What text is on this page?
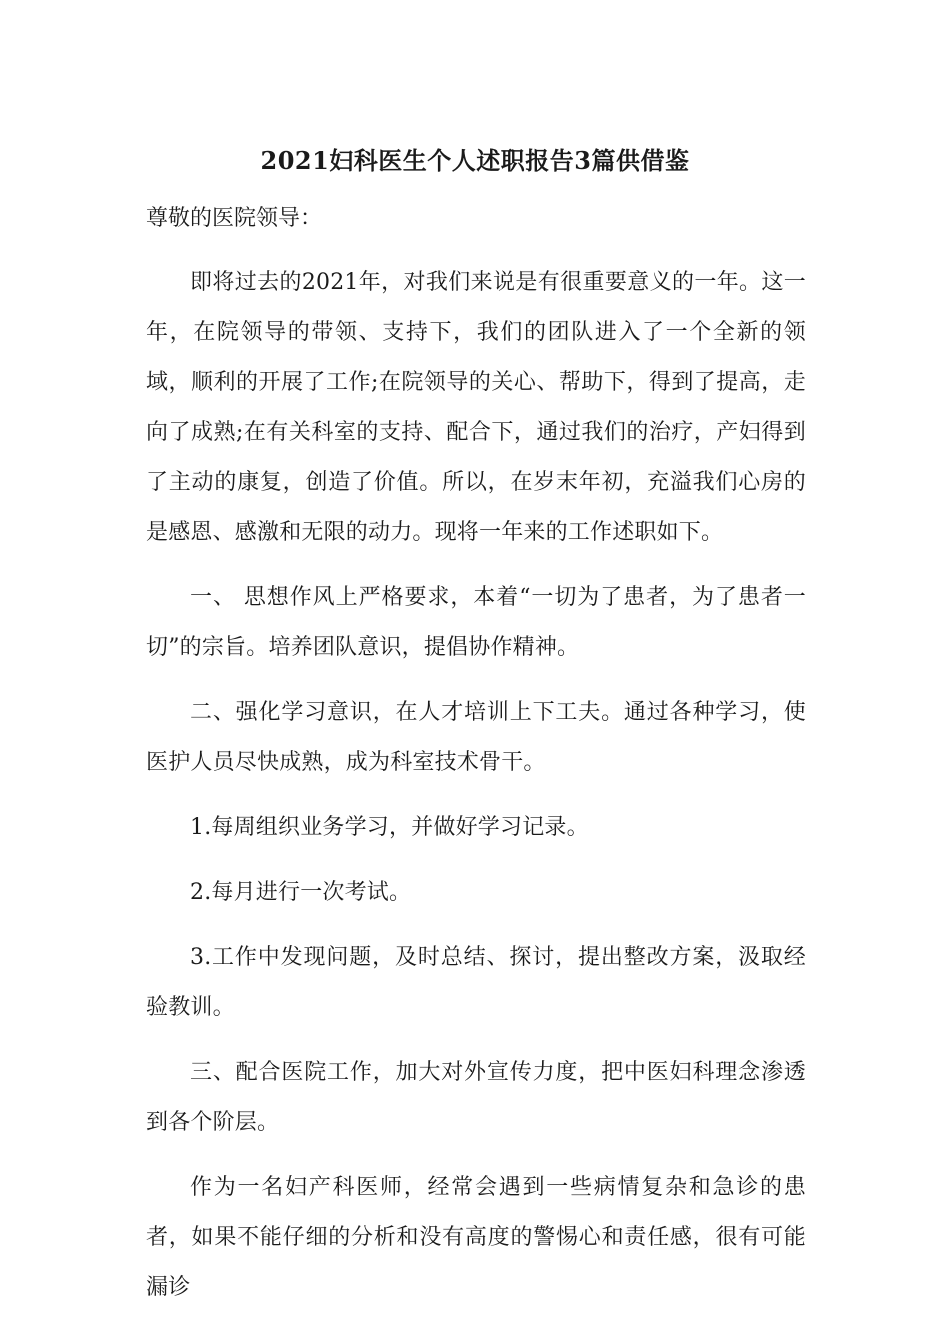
2021妇科医生个人述职报告3篇供借鉴

尊敬的医院领导：

即将过去的2021年，对我们来说是有很重要意义的一年。这一年，在院领导的带领、支持下，我们的团队进入了一个全新的领域，顺利的开展了工作;在院领导的关心、帮助下，得到了提高，走向了成熟;在有关科室的支持、配合下，通过我们的治疗，产妇得到了主动的康复，创造了价值。所以，在岁末年初，充溢我们心房的是感恩、感激和无限的动力。现将一年来的工作述职如下。

一、 思想作风上严格要求，本着“一切为了患者，为了患者一切”的宗旨。培养团队意识，提倡协作精神。

二、强化学习意识，在人才培训上下工夫。通过各种学习，使医护人员尽快成熟，成为科室技术骨干。

1.每周组织业务学习，并做好学习记录。

2.每月进行一次考试。

3.工作中发现问题，及时总结、探讨，提出整改方案，汲取经验教训。

三、配合医院工作，加大对外宣传力度，把中医妇科理念渗透到各个阶层。

作为一名妇产科医师，经常会遇到一些病情复杂和急诊的患者，如果不能仔细的分析和没有高度的警惕心和责任感，很有可能漏诊
